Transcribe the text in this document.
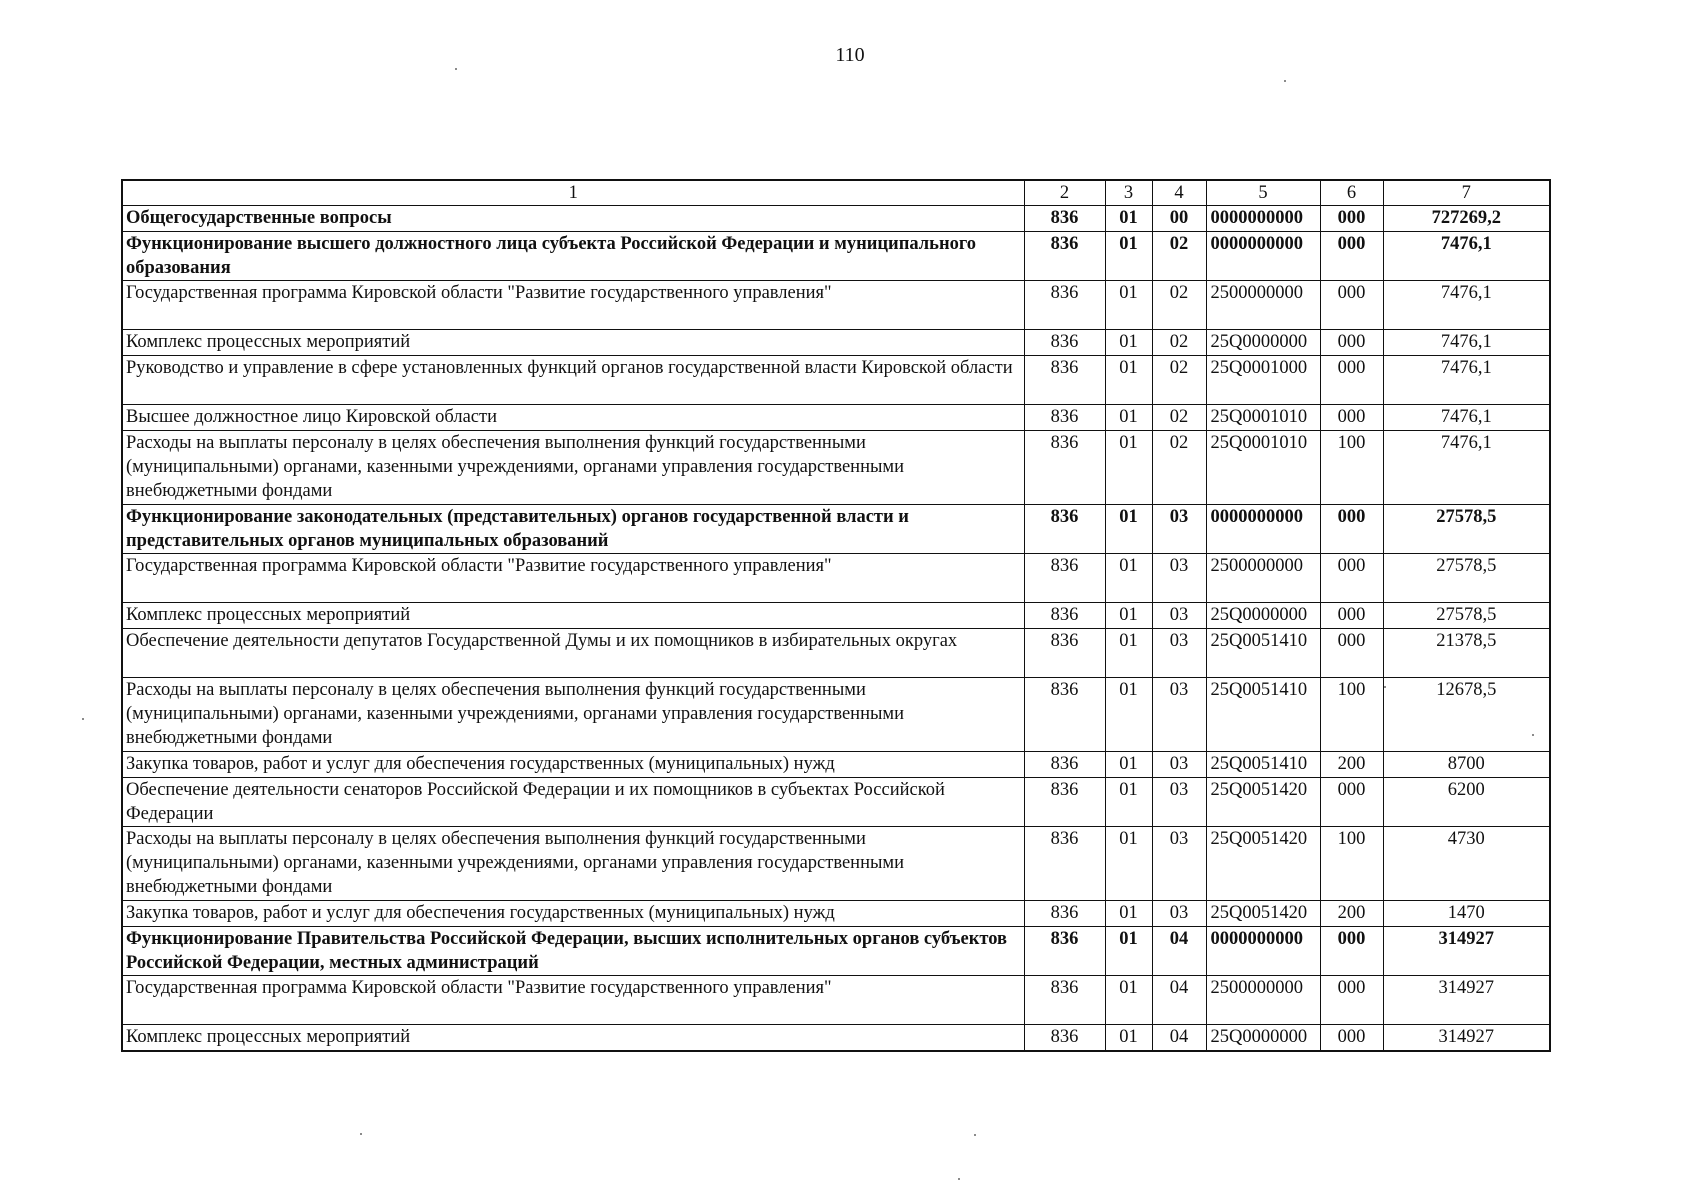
110
1	2	3	4	5	6	7
Общегосударственные вопросы	836	01	00	0000000000	000	727269,2
Функционирование высшего должностного лица субъекта Российской Федерации и муниципального образования	836	01	02	0000000000	000	7476,1
Государственная программа Кировской области "Развитие государственного управления"	836	01	02	2500000000	000	7476,1
Комплекс процессных мероприятий	836	01	02	25Q0000000	000	7476,1
Руководство и управление в сфере установленных функций органов государственной власти Кировской области	836	01	02	25Q0001000	000	7476,1
Высшее должностное лицо Кировской области	836	01	02	25Q0001010	000	7476,1
Расходы на выплаты персоналу в целях обеспечения выполнения функций государственными (муниципальными) органами, казенными учреждениями, органами управления государственными внебюджетными фондами	836	01	02	25Q0001010	100	7476,1
Функционирование законодательных (представительных) органов государственной власти и представительных органов муниципальных образований	836	01	03	0000000000	000	27578,5
Государственная программа Кировской области "Развитие государственного управления"	836	01	03	2500000000	000	27578,5
Комплекс процессных мероприятий	836	01	03	25Q0000000	000	27578,5
Обеспечение деятельности депутатов Государственной Думы и их помощников в избирательных округах	836	01	03	25Q0051410	000	21378,5
Расходы на выплаты персоналу в целях обеспечения выполнения функций государственными (муниципальными) органами, казенными учреждениями, органами управления государственными внебюджетными фондами	836	01	03	25Q0051410	100	12678,5
Закупка товаров, работ и услуг для обеспечения государственных (муниципальных) нужд	836	01	03	25Q0051410	200	8700
Обеспечение деятельности сенаторов Российской Федерации и их помощников в субъектах Российской Федерации	836	01	03	25Q0051420	000	6200
Расходы на выплаты персоналу в целях обеспечения выполнения функций государственными (муниципальными) органами, казенными учреждениями, органами управления государственными внебюджетными фондами	836	01	03	25Q0051420	100	4730
Закупка товаров, работ и услуг для обеспечения государственных (муниципальных) нужд	836	01	03	25Q0051420	200	1470
Функционирование Правительства Российской Федерации, высших исполнительных органов субъектов Российской Федерации, местных администраций	836	01	04	0000000000	000	314927
Государственная программа Кировской области "Развитие государственного управления"	836	01	04	2500000000	000	314927
Комплекс процессных мероприятий	836	01	04	25Q0000000	000	314927
